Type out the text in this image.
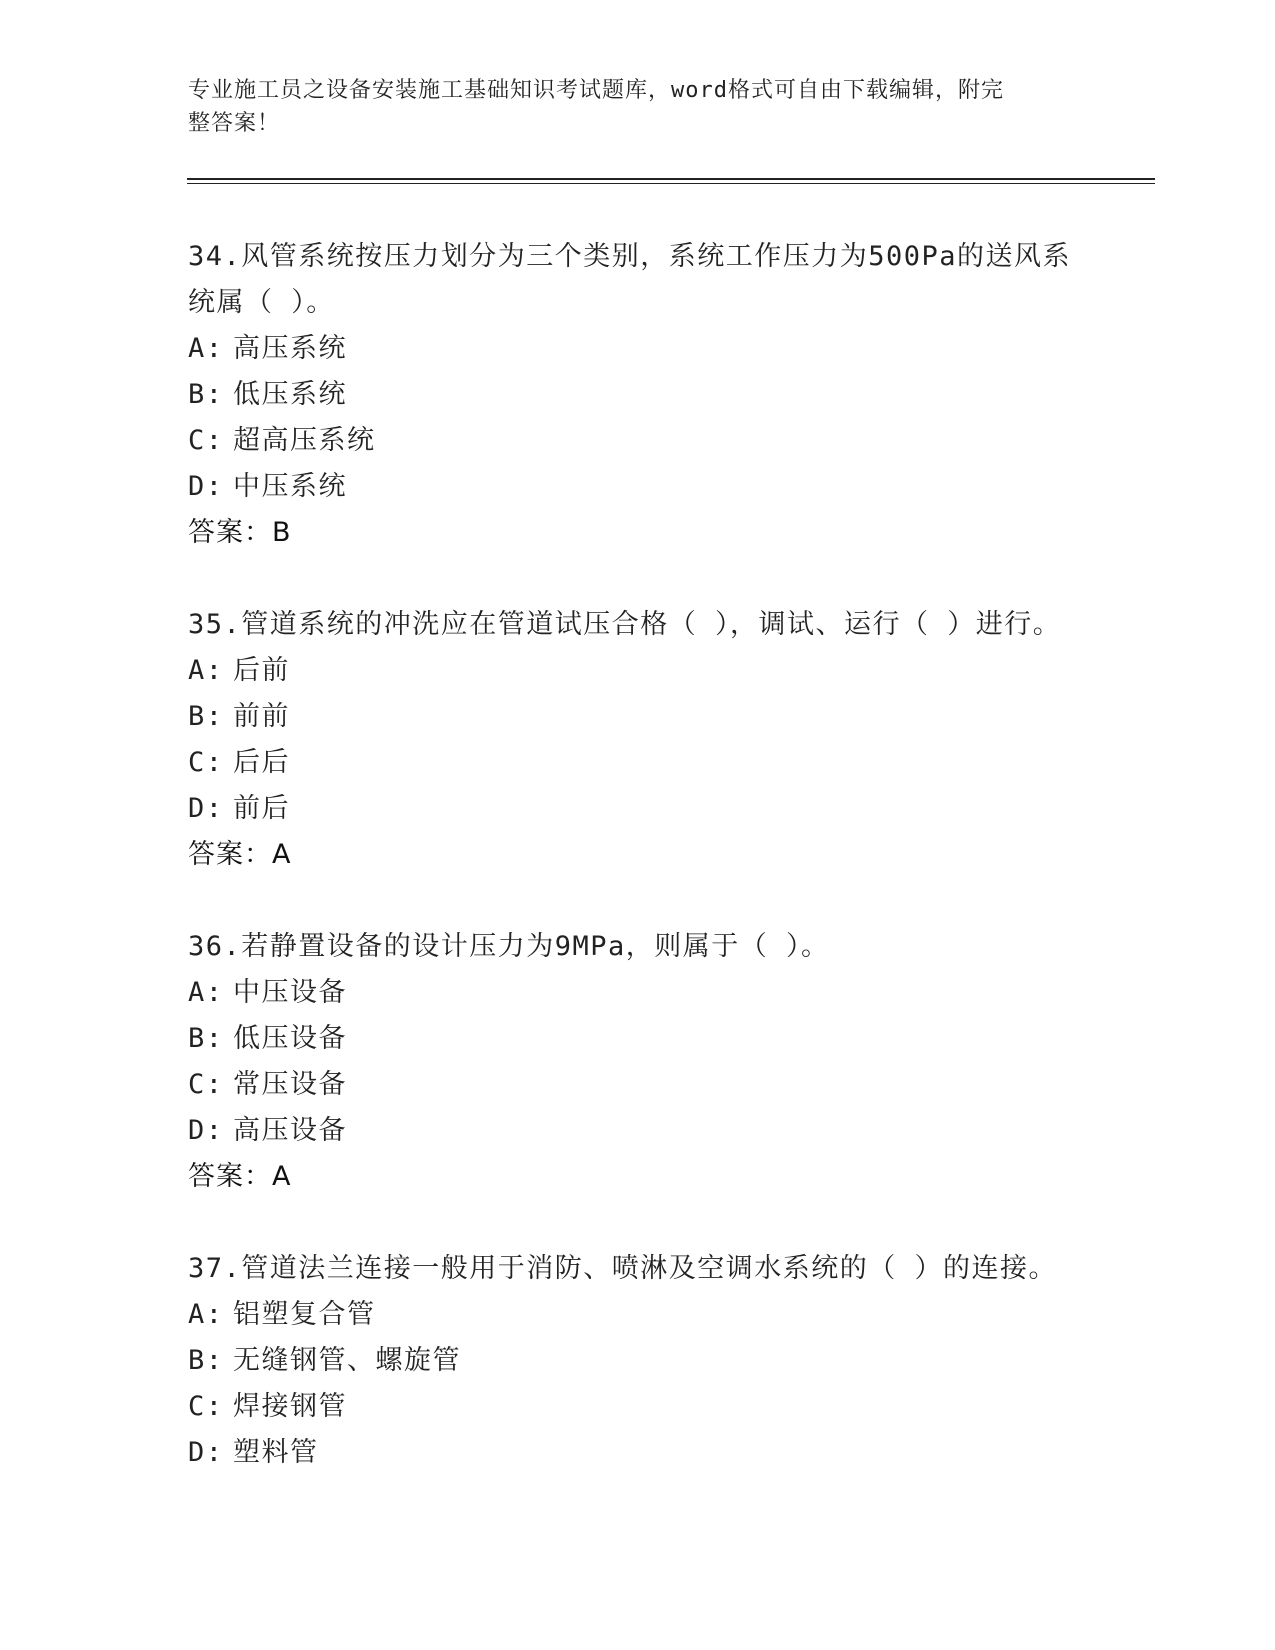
专业施工员之设备安装施工基础知识考试题库，word格式可自由下载编辑，附完
整答案！

34.风管系统按压力划分为三个类别，系统工作压力为500Pa的送风系

统属（ ）。

A: 高压系统
B: 低压系统
C: 超高压系统
D: 中压系统
答案：B

35.管道系统的冲洗应在管道试压合格（ ），调试、运行（ ）进行。

A: 后前
B: 前前
C: 后后
D: 前后
答案：A

36.若静置设备的设计压力为9MPa，则属于（ ）。

A: 中压设备
B: 低压设备
C: 常压设备
D: 高压设备
答案：A

37.管道法兰连接一般用于消防、喷淋及空调水系统的（ ）的连接。

A: 铝塑复合管
B: 无缝钢管、螺旋管
C: 焊接钢管
D: 塑料管
